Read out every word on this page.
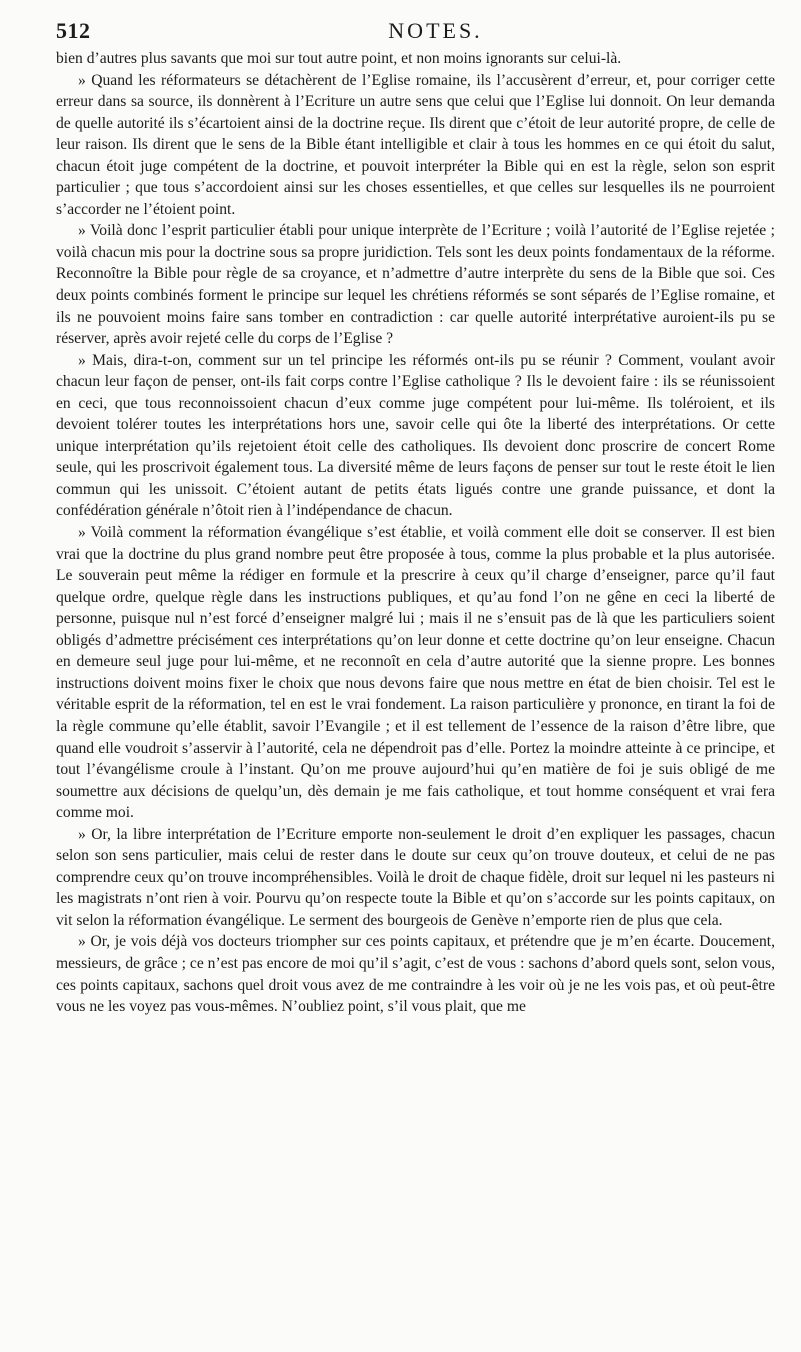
512	NOTES.

bien d’autres plus savants que moi sur tout autre point, et non moins ignorants sur celui-là.

» Quand les réformateurs se détachèrent de l’Eglise romaine, ils l’accusèrent d’erreur, et, pour corriger cette erreur dans sa source, ils donnèrent à l’Ecriture un autre sens que celui que l’Eglise lui donnoit. On leur demanda de quelle autorité ils s’écartoient ainsi de la doctrine reçue. Ils dirent que c’étoit de leur autorité propre, de celle de leur raison. Ils dirent que le sens de la Bible étant intelligible et clair à tous les hommes en ce qui étoit du salut, chacun étoit juge compétent de la doctrine, et pouvoit interpréter la Bible qui en est la règle, selon son esprit particulier ; que tous s’accordoient ainsi sur les choses essentielles, et que celles sur lesquelles ils ne pourroient s’accorder ne l’étoient point.

» Voilà donc l’esprit particulier établi pour unique interprète de l’Ecriture ; voilà l’autorité de l’Eglise rejetée ; voilà chacun mis pour la doctrine sous sa propre juridiction. Tels sont les deux points fondamentaux de la réforme. Reconnoître la Bible pour règle de sa croyance, et n’admettre d’autre interprète du sens de la Bible que soi. Ces deux points combinés forment le principe sur lequel les chrétiens réformés se sont séparés de l’Eglise romaine, et ils ne pouvoient moins faire sans tomber en contradiction : car quelle autorité interprétative auroient-ils pu se réserver, après avoir rejeté celle du corps de l’Eglise ?

» Mais, dira-t-on, comment sur un tel principe les réformés ont-ils pu se réunir ? Comment, voulant avoir chacun leur façon de penser, ont-ils fait corps contre l’Eglise catholique ? Ils le devoient faire : ils se réunissoient en ceci, que tous reconnoissoient chacun d’eux comme juge compétent pour lui-même. Ils toléroient, et ils devoient tolérer toutes les interprétations hors une, savoir celle qui ôte la liberté des interprétations. Or cette unique interprétation qu’ils rejetoient étoit celle des catholiques. Ils devoient donc proscrire de concert Rome seule, qui les proscrivoit également tous. La diversité même de leurs façons de penser sur tout le reste étoit le lien commun qui les unissoit. C’étoient autant de petits états ligués contre une grande puissance, et dont la confédération générale n’ôtoit rien à l’indépendance de chacun.

» Voilà comment la réformation évangélique s’est établie, et voilà comment elle doit se conserver. Il est bien vrai que la doctrine du plus grand nombre peut être proposée à tous, comme la plus probable et la plus autorisée. Le souverain peut même la rédiger en formule et la prescrire à ceux qu’il charge d’enseigner, parce qu’il faut quelque ordre, quelque règle dans les instructions publiques, et qu’au fond l’on ne gêne en ceci la liberté de personne, puisque nul n’est forcé d’enseigner malgré lui ; mais il ne s’ensuit pas de là que les particuliers soient obligés d’admettre précisément ces interprétations qu’on leur donne et cette doctrine qu’on leur enseigne. Chacun en demeure seul juge pour lui-même, et ne reconnoît en cela d’autre autorité que la sienne propre. Les bonnes instructions doivent moins fixer le choix que nous devons faire que nous mettre en état de bien choisir. Tel est le véritable esprit de la réformation, tel en est le vrai fondement. La raison particulière y prononce, en tirant la foi de la règle commune qu’elle établit, savoir l’Evangile ; et il est tellement de l’essence de la raison d’être libre, que quand elle voudroit s’asservir à l’autorité, cela ne dépendroit pas d’elle. Portez la moindre atteinte à ce principe, et tout l’évangélisme croule à l’instant. Qu’on me prouve aujourd’hui qu’en matière de foi je suis obligé de me soumettre aux décisions de quelqu’un, dès demain je me fais catholique, et tout homme conséquent et vrai fera comme moi.

» Or, la libre interprétation de l’Ecriture emporte non-seulement le droit d’en expliquer les passages, chacun selon son sens particulier, mais celui de rester dans le doute sur ceux qu’on trouve douteux, et celui de ne pas comprendre ceux qu’on trouve incompréhensibles. Voilà le droit de chaque fidèle, droit sur lequel ni les pasteurs ni les magistrats n’ont rien à voir. Pourvu qu’on respecte toute la Bible et qu’on s’accorde sur les points capitaux, on vit selon la réformation évangélique. Le serment des bourgeois de Genève n’emporte rien de plus que cela.

» Or, je vois déjà vos docteurs triompher sur ces points capitaux, et prétendre que je m’en écarte. Doucement, messieurs, de grâce ; ce n’est pas encore de moi qu’il s’agit, c’est de vous : sachons d’abord quels sont, selon vous, ces points capitaux, sachons quel droit vous avez de me contraindre à les voir où je ne les vois pas, et où peut-être vous ne les voyez pas vous-mêmes. N’oubliez point, s’il vous plait, que me
